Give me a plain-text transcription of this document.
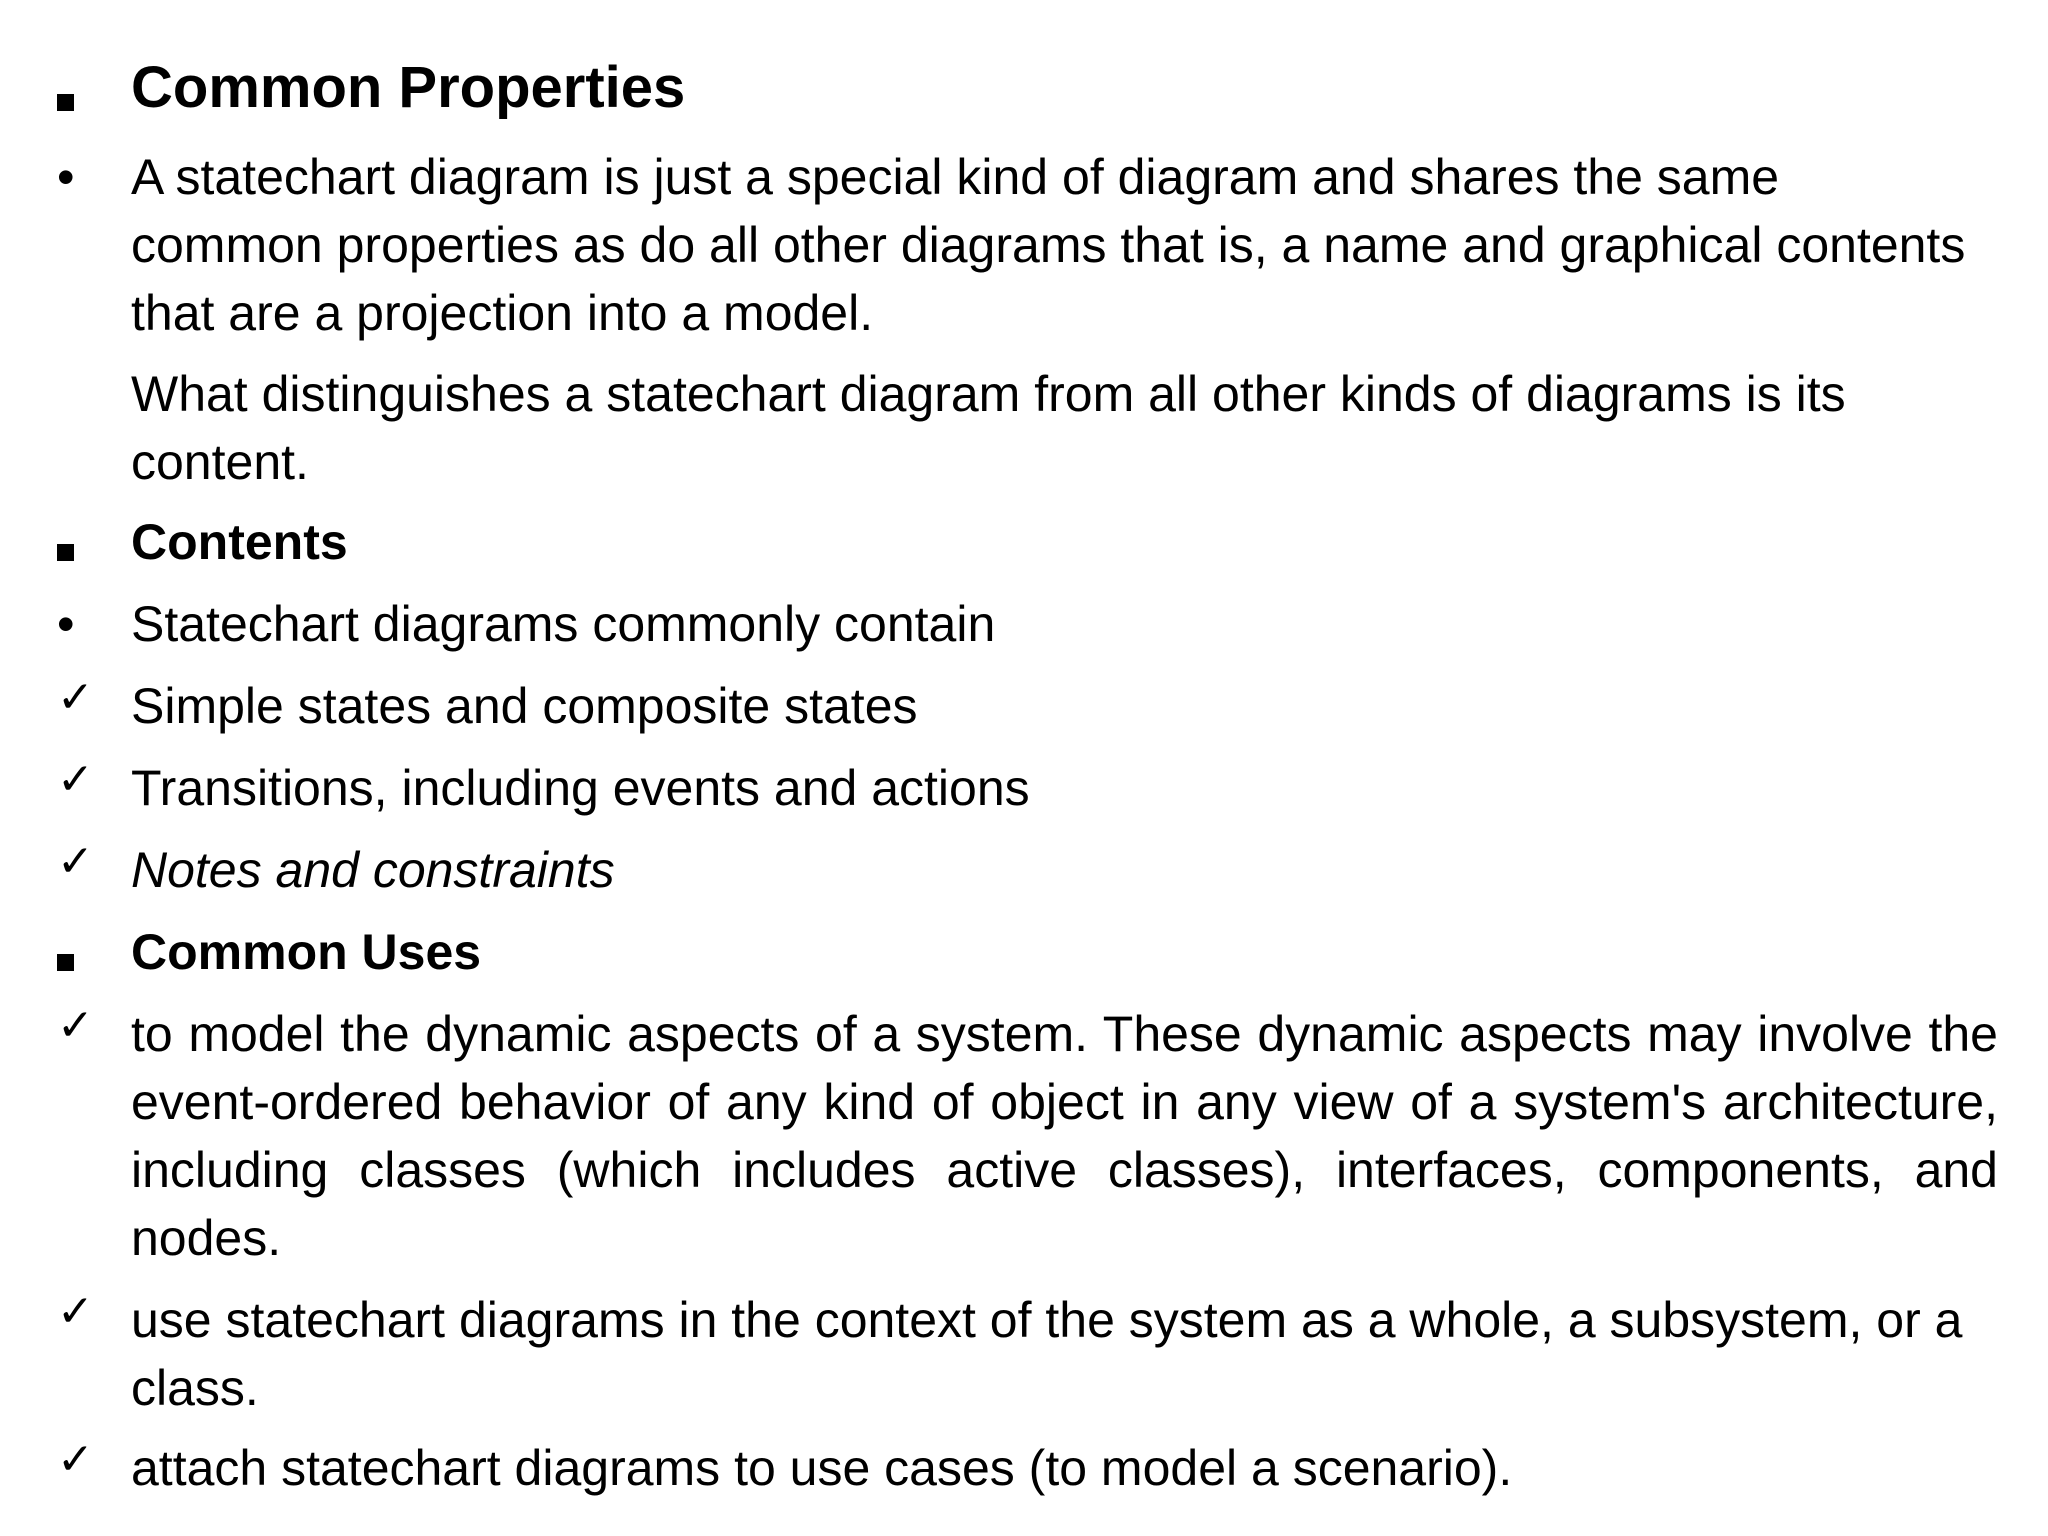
Common Properties
• A statechart diagram is just a special kind of diagram and shares the same common properties as do all other diagrams that is, a name and graphical contents that are a projection into a model.
What distinguishes a statechart diagram from all other kinds of diagrams is its content.
Contents
• Statechart diagrams commonly contain
✓ Simple states and composite states
✓ Transitions, including events and actions
✓ Notes and constraints
Common Uses
✓ to model the dynamic aspects of a system. These dynamic aspects may involve the event-ordered behavior of any kind of object in any view of a system's architecture, including classes (which includes active classes), interfaces, components, and nodes.
✓ use statechart diagrams in the context of the system as a whole, a subsystem, or a class.
✓ attach statechart diagrams to use cases (to model a scenario).
